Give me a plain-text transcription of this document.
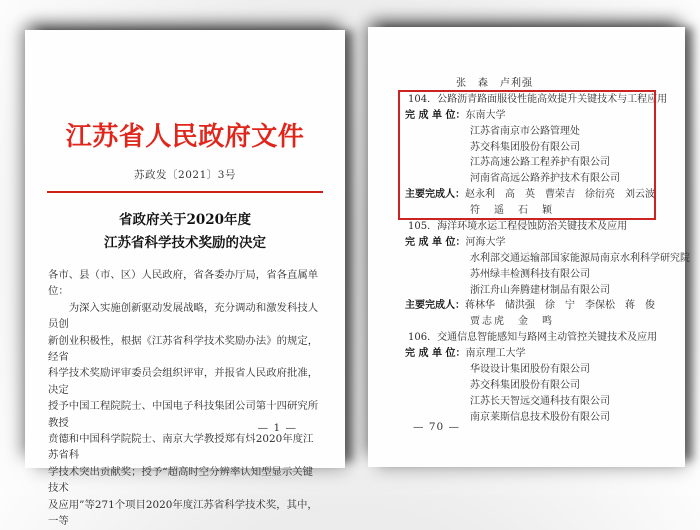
江苏省人民政府文件
苏政发〔2021〕3号
省政府关于2020年度
江苏省科学技术奖励的决定
各市、县（市、区）人民政府，省各委办厅局，省各直属单位：
为深入实施创新驱动发展战略，充分调动和激发科技人员创
新创业积极性，根据《江苏省科学技术奖励办法》的规定，经省
科学技术奖励评审委员会组织评审，并报省人民政府批准，决定
授予中国工程院院士、中国电子科技集团公司第十四研究所教授
贲德和中国科学院院士、南京大学教授郑有炓2020年度江苏省科
学技术突出贡献奖；授予“超高时空分辨率认知型显示关键技术
及应用”等271个项目2020年度江苏省科学技术奖，其中，一等
— 1 —
张　森　卢利强
104．公路沥青路面服役性能高效提升关键技术与工程应用
完 成 单 位：东南大学
江苏省南京市公路管理处
苏交科集团股份有限公司
江苏高速公路工程养护有限公司
河南省高远公路养护技术有限公司
主要完成人：赵永利　高　英　曹荣吉　徐衍亮　刘云波
符　遥　石　颖
105．海洋环境水运工程侵蚀防治关键技术及应用
完 成 单 位：河海大学
水利部交通运输部国家能源局南京水利科学研究院
苏州绿丰检测科技有限公司
浙江舟山奔腾建材制品有限公司
主要完成人：蒋林华　储洪强　徐　宁　李保松　蒋　俊
贾志虎　金　鸣
106．交通信息智能感知与路网主动管控关键技术及应用
完 成 单 位：南京理工大学
华设设计集团股份有限公司
苏交科集团股份有限公司
江苏长天智远交通科技有限公司
南京莱斯信息技术股份有限公司
— 70 —
